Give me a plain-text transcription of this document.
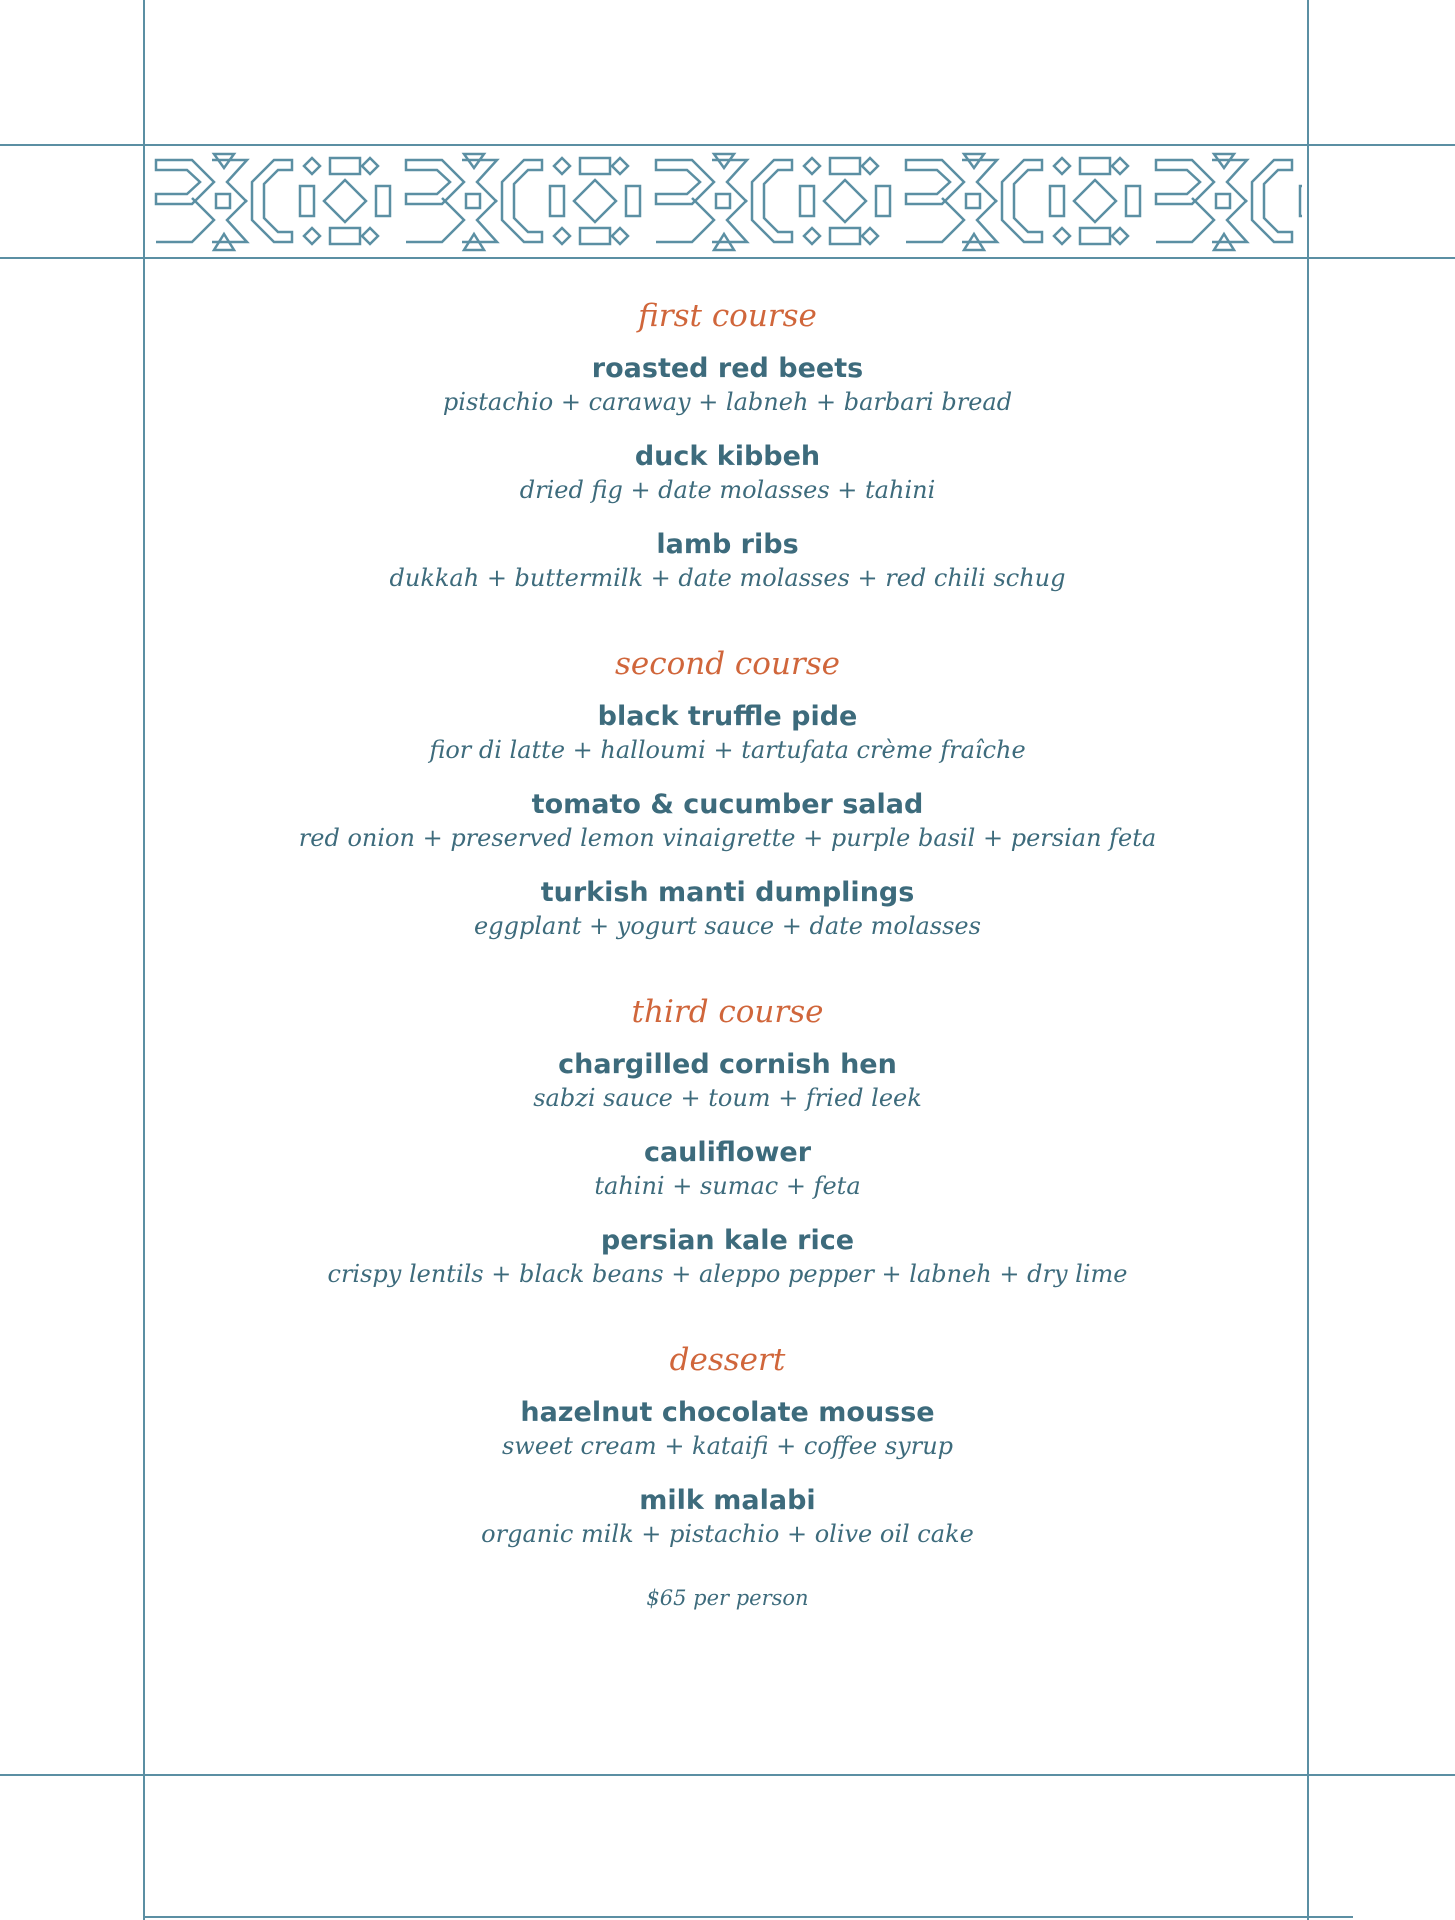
first course
roasted red beets
pistachio + caraway + labneh + barbari bread
duck kibbeh
dried fig + date molasses + tahini
lamb ribs
dukkah + buttermilk + date molasses + red chili schug
second course
black truffle pide
fior di latte + halloumi + tartufata crème fraîche
tomato & cucumber salad
red onion + preserved lemon vinaigrette + purple basil + persian feta
turkish manti dumplings
eggplant + yogurt sauce + date molasses
third course
chargilled cornish hen
sabzi sauce + toum + fried leek
cauliflower
tahini + sumac + feta
persian kale rice
crispy lentils + black beans + aleppo pepper + labneh + dry lime
dessert
hazelnut chocolate mousse
sweet cream + kataifi + coffee syrup
milk malabi
organic milk + pistachio + olive oil cake
$65 per person
